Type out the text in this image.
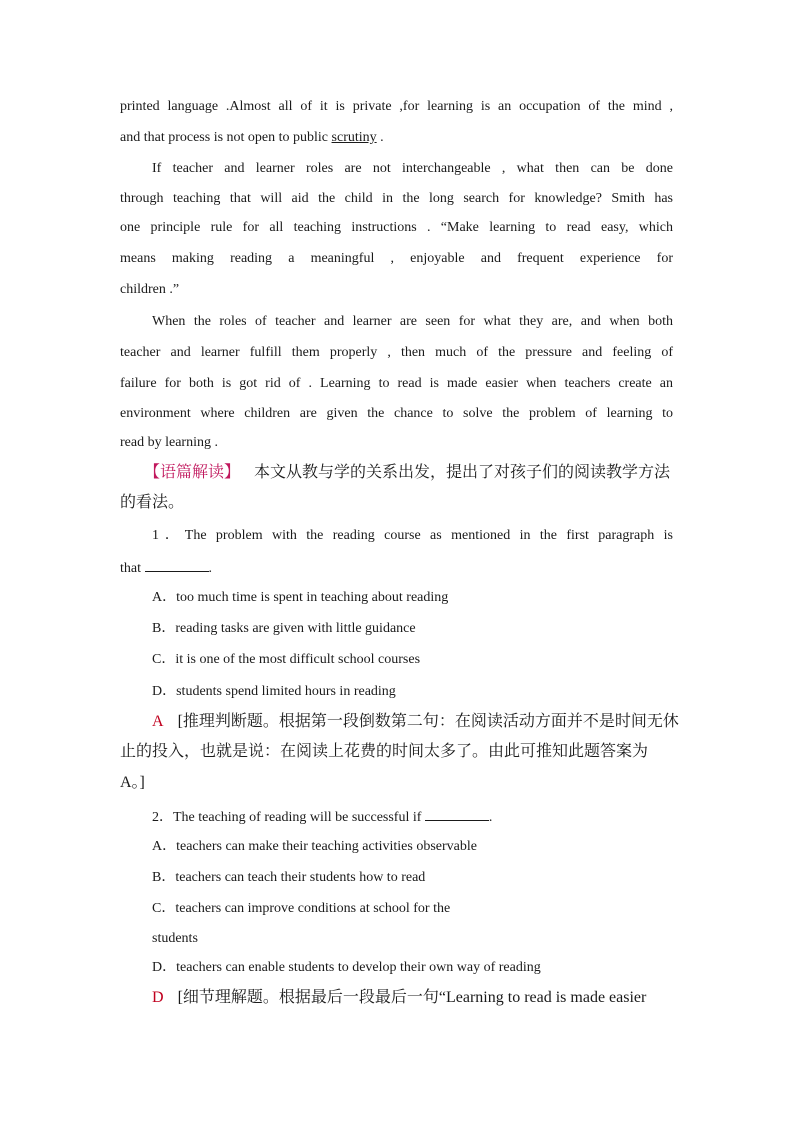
printed language .Almost all of it is private ,for learning is an occupation of the mind ,
and that process is not open to public scrutiny .
If teacher and learner roles are not interchangeable , what then can be done
through teaching that will aid the child in the long search for knowledge? Smith has
one principle rule for all teaching instructions . “Make learning to read easy, which
means making reading a meaningful , enjoyable and frequent experience for
children .”
When the roles of teacher and learner are seen for what they are, and when both
teacher and learner fulfill them properly , then much of the pressure and feeling of
failure for both is got rid of . Learning to read is made easier when teachers create an
environment where children are given the chance to solve the problem of learning to
read by learning .
【语篇解读】 本文从教与学的关系出发，提出了对孩子们的阅读教学方法
的看法。
1．The problem with the reading course as mentioned in the first paragraph is
that	.
A．too much time is spent in teaching about reading
B．reading tasks are given with little guidance
C．it is one of the most difficult school courses
D．students spend limited hours in reading
A [推理判断题。根据第一段倒数第二句：在阅读活动方面并不是时间无休
止的投入，也就是说：在阅读上花费的时间太多了。由此可推知此题答案为
A。]
2．The teaching of reading will be successful if	.
A．teachers can make their teaching activities observable
B．teachers can teach their students how to read
C．teachers can improve conditions at school for the
students
D．teachers can enable students to develop their own way of reading
D [细节理解题。根据最后一段最后一句“Learning to read is made easier
